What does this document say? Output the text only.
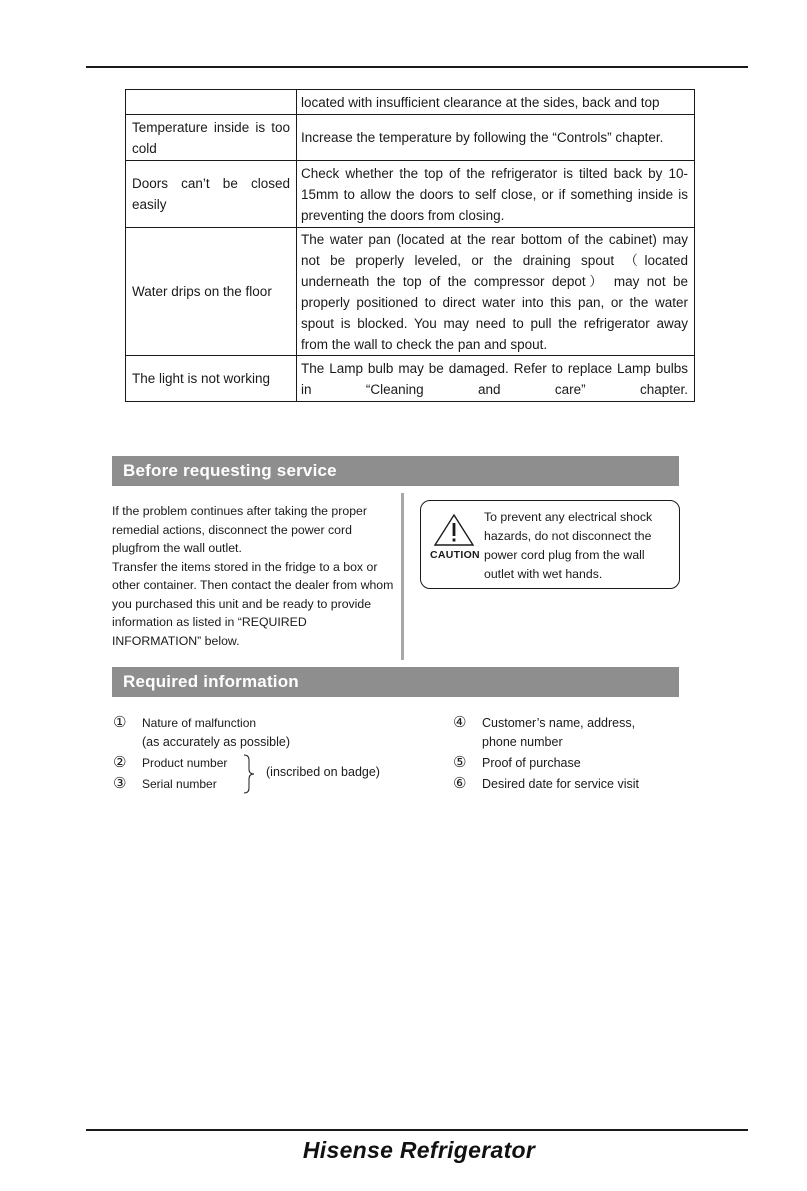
	located with insufficient clearance at the sides, back and top
Temperature inside is too cold	Increase the temperature by following the “Controls” chapter.
Doors can’t be closed easily	Check whether the top of the refrigerator is tilted back by 10-15mm to allow the doors to self close, or if something inside is preventing the doors from closing.
Water drips on the floor	The water pan (located at the rear bottom of the cabinet) may not be properly leveled, or the draining spout （located underneath the top of the compressor depot） may not be properly positioned to direct water into this pan, or the water spout is blocked. You may need to pull the refrigerator away from the wall to check the pan and spout.
The light is not working	The Lamp bulb may be damaged. Refer to replace Lamp bulbs in “Cleaning and care” chapter.
Before requesting service

If the problem continues after taking the proper remedial actions, disconnect the power cord plugfrom the wall outlet.

Transfer the items stored in the fridge to a box or other container. Then contact the dealer from whom you purchased this unit and be ready to provide information as listed in “REQUIRED INFORMATION” below.

CAUTION
To prevent any electrical shock hazards, do not disconnect the power cord plug from the wall outlet with wet hands.
Required information
① Nature of malfunction
(as accurately as possible)
② Product number
③ Serial number
(inscribed on badge)
④ Customer’s name, address,
phone number
⑤ Proof of purchase
⑥ Desired date for service visit
Hisense Refrigerator
